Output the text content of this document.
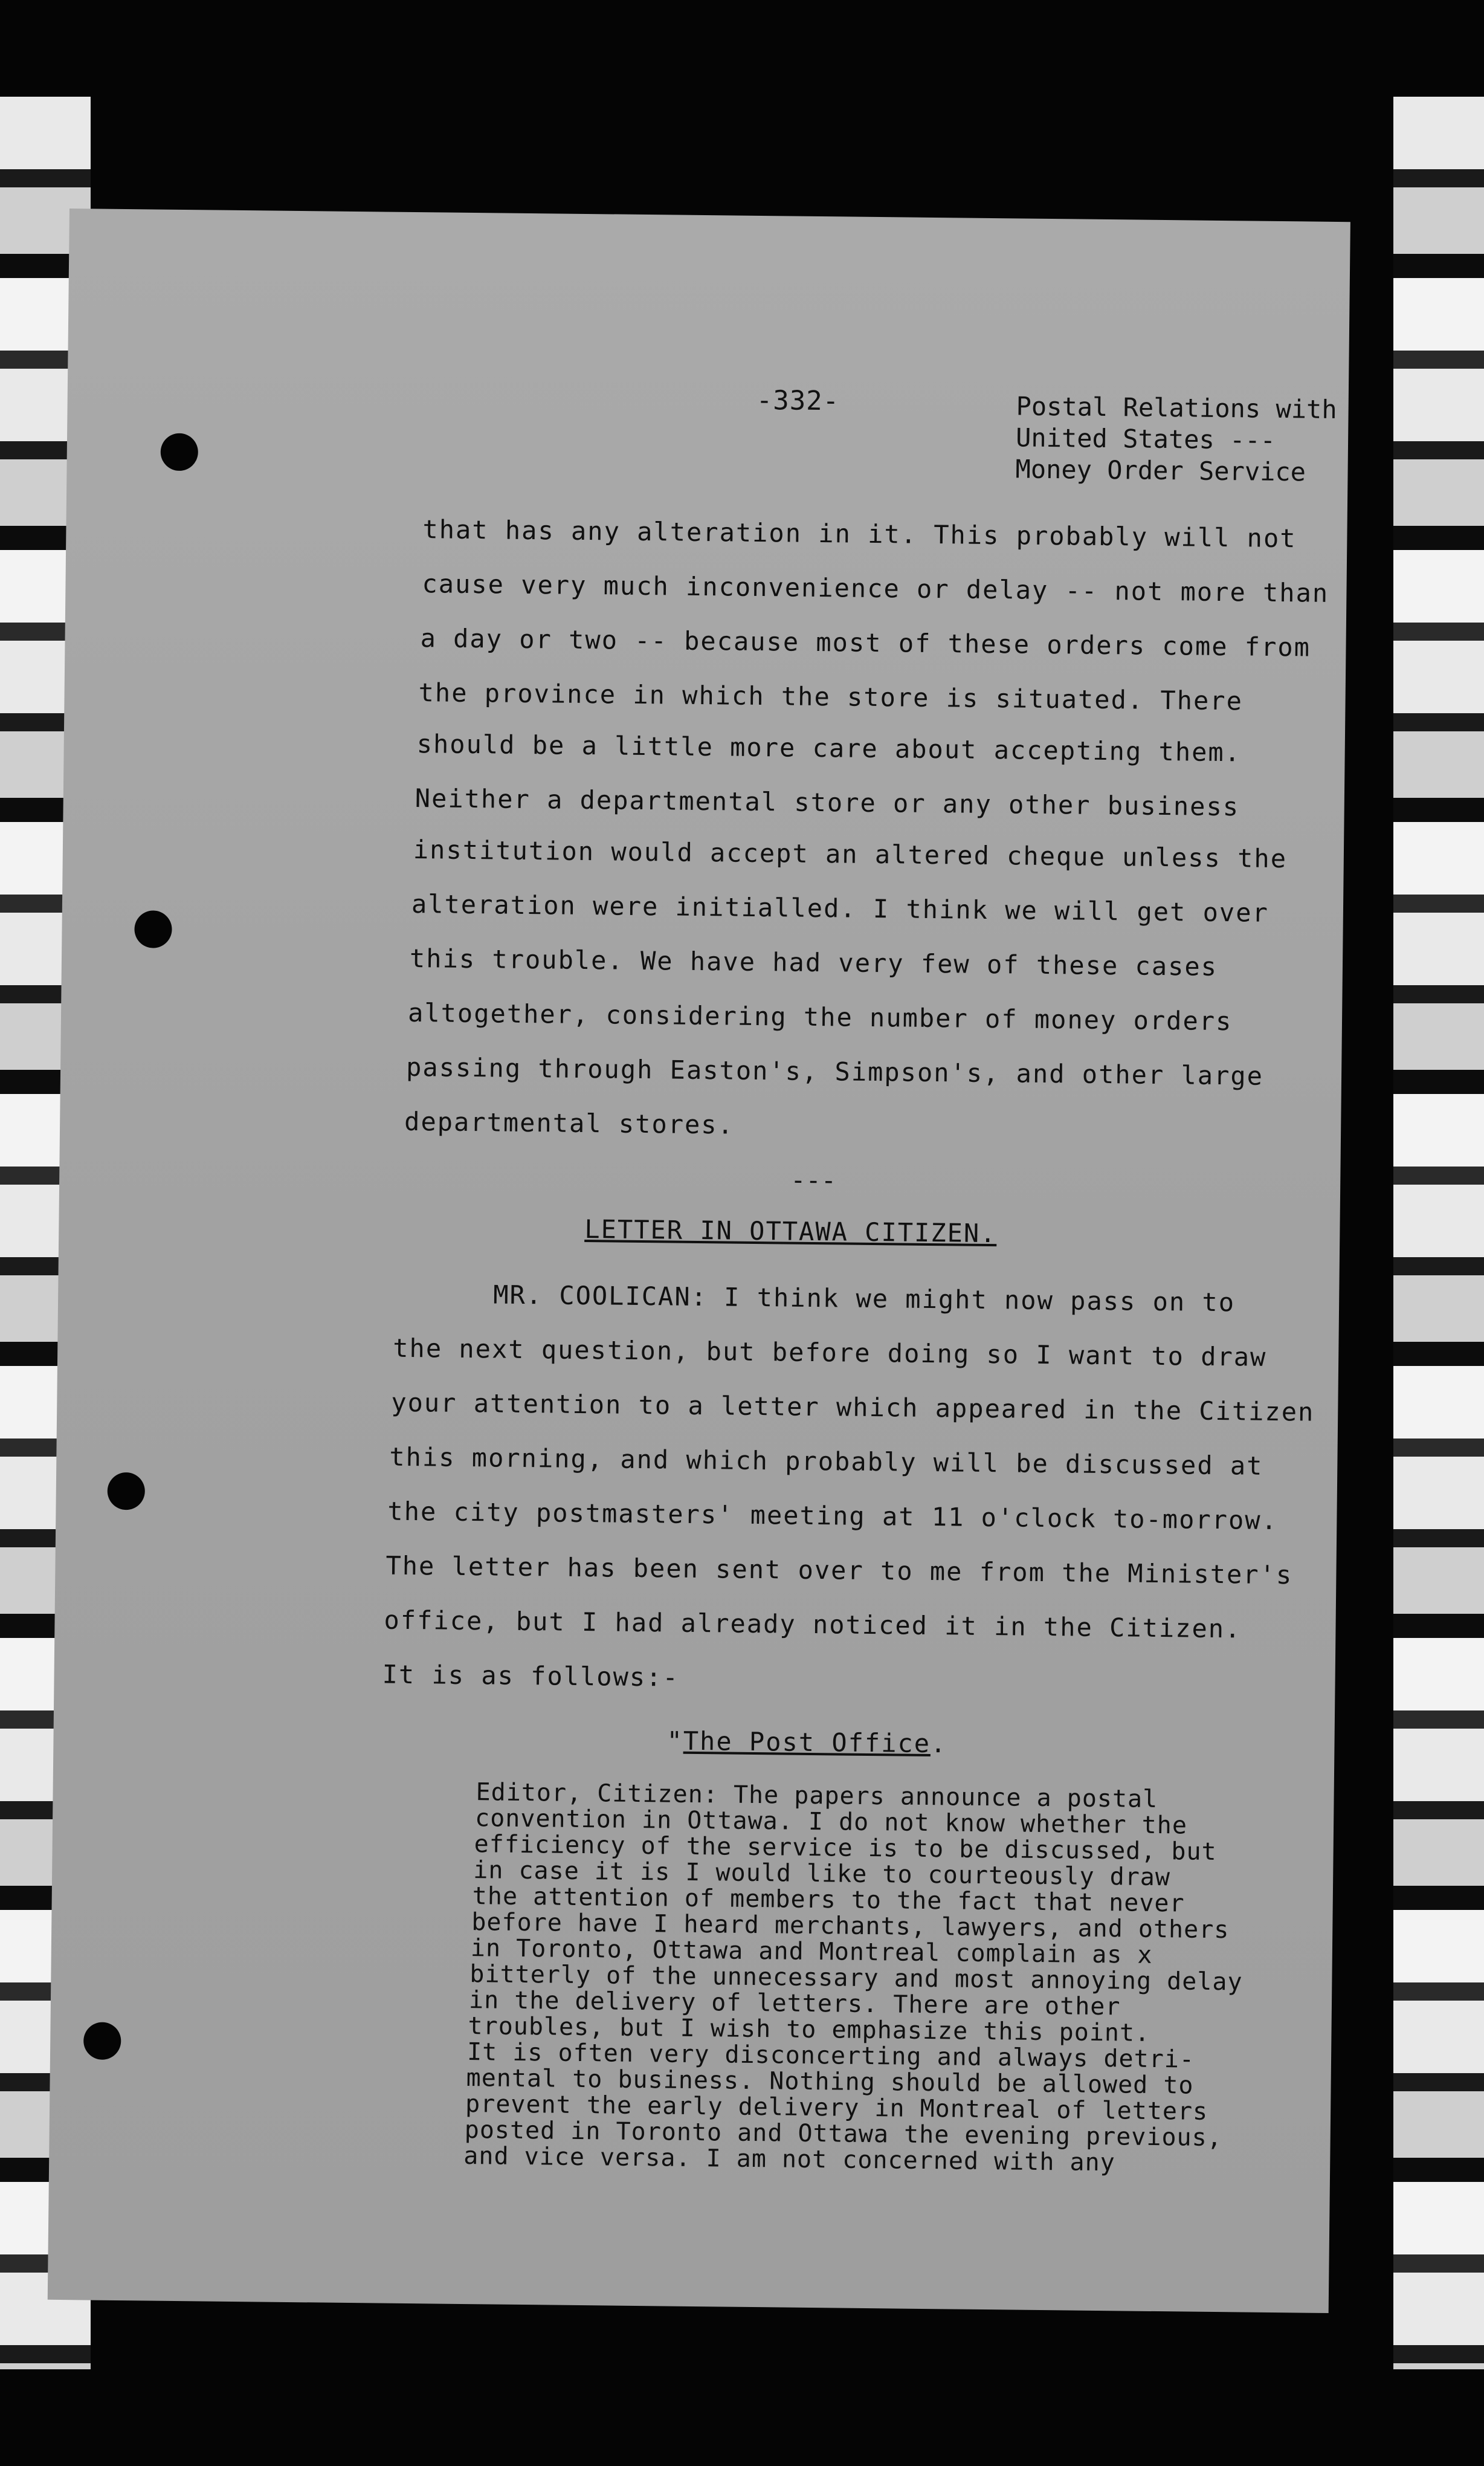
-332-	Postal Relations with
United States ---
Money Order Service
that has any alteration in it. This probably will not
cause very much inconvenience or delay -- not more than
a day or two -- because most of these orders come from
the province in which the store is situated. There
should be a little more care about accepting them.
Neither a departmental store or any other business
institution would accept an altered cheque unless the
alteration were initialled. I think we will get over
this trouble. We have had very few of these cases
altogether, considering the number of money orders
passing through Easton's, Simpson's, and other large
departmental stores.
---
LETTER IN OTTAWA CITIZEN.
MR. COOLICAN: I think we might now pass on to
the next question, but before doing so I want to draw
your attention to a letter which appeared in the Citizen
this morning, and which probably will be discussed at
the city postmasters' meeting at 11 o'clock to-morrow.
The letter has been sent over to me from the Minister's
office, but I had already noticed it in the Citizen.
It is as follows:-
"The Post Office.
Editor, Citizen: The papers announce a postal
convention in Ottawa. I do not know whether the
efficiency of the service is to be discussed, but
in case it is I would like to courteously draw
the attention of members to the fact that never
before have I heard merchants, lawyers, and others
in Toronto, Ottawa and Montreal complain as x
bitterly of the unnecessary and most annoying delay
in the delivery of letters. There are other
troubles, but I wish to emphasize this point.
It is often very disconcerting and always detri-
mental to business. Nothing should be allowed to
prevent the early delivery in Montreal of letters
posted in Toronto and Ottawa the evening previous,
and vice versa. I am not concerned with any
